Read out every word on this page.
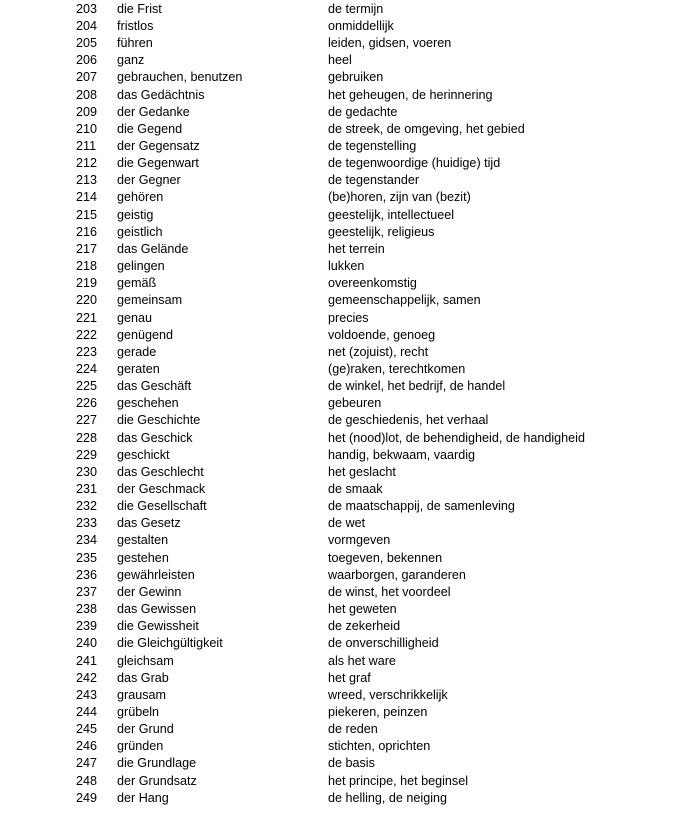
203 die Frist	de termijn
204 fristlos	onmiddellijk
205 führen	leiden, gidsen, voeren
206 ganz	heel
207 gebrauchen, benutzen	gebruiken
208 das Gedächtnis	het geheugen, de herinnering
209 der Gedanke	de gedachte
210 die Gegend	de streek, de omgeving, het gebied
211 der Gegensatz	de tegenstelling
212 die Gegenwart	de tegenwoordige (huidige) tijd
213 der Gegner	de tegenstander
214 gehören	(be)horen, zijn van (bezit)
215 geistig	geestelijk, intellectueel
216 geistlich	geestelijk, religieus
217 das Gelände	het terrein
218 gelingen	lukken
219 gemäß	overeenkomstig
220 gemeinsam	gemeenschappelijk, samen
221 genau	precies
222 genügend	voldoende, genoeg
223 gerade	net (zojuist), recht
224 geraten	(ge)raken, terechtkomen
225 das Geschäft	de winkel, het bedrijf, de handel
226 geschehen	gebeuren
227 die Geschichte	de geschiedenis, het verhaal
228 das Geschick	het (nood)lot, de behendigheid, de handigheid
229 geschickt	handig, bekwaam, vaardig
230 das Geschlecht	het geslacht
231 der Geschmack	de smaak
232 die Gesellschaft	de maatschappij, de samenleving
233 das Gesetz	de wet
234 gestalten	vormgeven
235 gestehen	toegeven, bekennen
236 gewährleisten	waarborgen, garanderen
237 der Gewinn	de winst, het voordeel
238 das Gewissen	het geweten
239 die Gewissheit	de zekerheid
240 die Gleichgültigkeit	de onverschilligheid
241 gleichsam	als het ware
242 das Grab	het graf
243 grausam	wreed, verschrikkelijk
244 grübeln	piekeren, peinzen
245 der Grund	de reden
246 gründen	stichten, oprichten
247 die Grundlage	de basis
248 der Grundsatz	het principe, het beginsel
249 der Hang	de helling, de neiging
